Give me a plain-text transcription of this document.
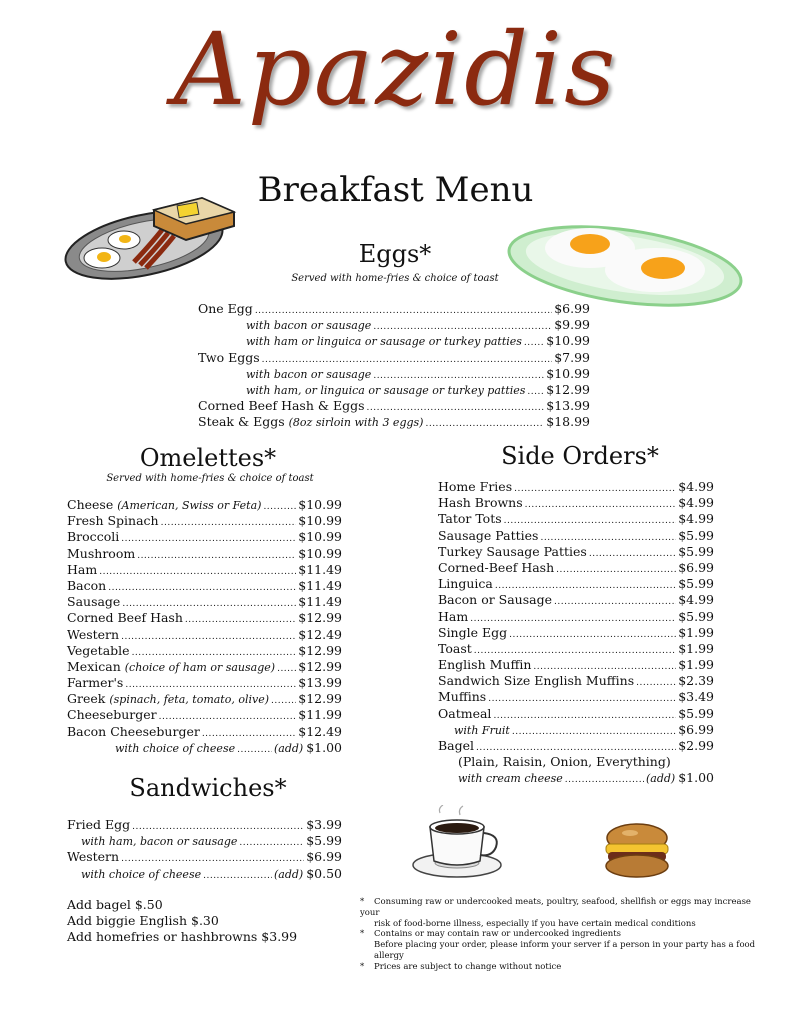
Apazidis
Breakfast Menu
Eggs*
Served with home-fries & choice of toast
One Egg .....	$6.99
with bacon or sausage .....	$9.99
with ham or linguica or sausage or turkey patties ..... $10.99
Two Eggs .....	$7.99
with bacon or sausage .....	$10.99
with ham, or linguica or sausage or turkey patties ..... $12.99
Corned Beef Hash & Eggs .....	$13.99
Steak & Eggs (8oz sirloin with 3 eggs) .....	$18.99
Omelettes*
Served with home-fries & choice of toast
Cheese (American, Swiss or Feta) .....	$10.99
Fresh Spinach .....	$10.99
Broccoli .....	$10.99
Mushroom .....	$10.99
Ham .....	$11.49
Bacon .....	$11.49
Sausage .....	$11.49
Corned Beef Hash .....	$12.99
Western .....	$12.49
Vegetable .....	$12.99
Mexican (choice of ham or sausage) ..... $12.99
Farmer's .....	$13.99
Greek (spinach, feta, tomato, olive) ..... $12.99
Cheeseburger .....	$11.99
Bacon Cheeseburger .....	$12.49
with choice of cheese .....	(add) $1.00
Side Orders*
Home Fries .....	$4.99
Hash Browns .....	$4.99
Tator Tots .....	$4.99
Sausage Patties .....	$5.99
Turkey Sausage Patties .....	$5.99
Corned-Beef Hash .....	$6.99
Linguica .....	$5.99
Bacon or Sausage .....	$4.99
Ham .....	$5.99
Single Egg .....	$1.99
Toast .....	$1.99
English Muffin .....	$1.99
Sandwich Size English Muffins .....	$2.39
Muffins .....	$3.49
Oatmeal .....	$5.99
with Fruit .....	$6.99
Bagel .....	$2.99
(Plain, Raisin, Onion, Everything)
with cream cheese .....	(add) $1.00
Sandwiches*
Fried Egg .....	$3.99
with ham, bacon or sausage .....	$5.99
Western .....	$6.99
with choice of cheese .....	(add) $0.50
Add bagel $.50
Add biggie English $.30
Add homefries or hashbrowns $3.99
* Consuming raw or undercooked meats, poultry, seafood, shellfish or eggs may increase your
risk of food-borne illness, especially if you have certain medical conditions
* Contains or may contain raw or undercooked ingredients
Before placing your order, please inform your server if a person in your party has a food allergy
* Prices are subject to change without notice
